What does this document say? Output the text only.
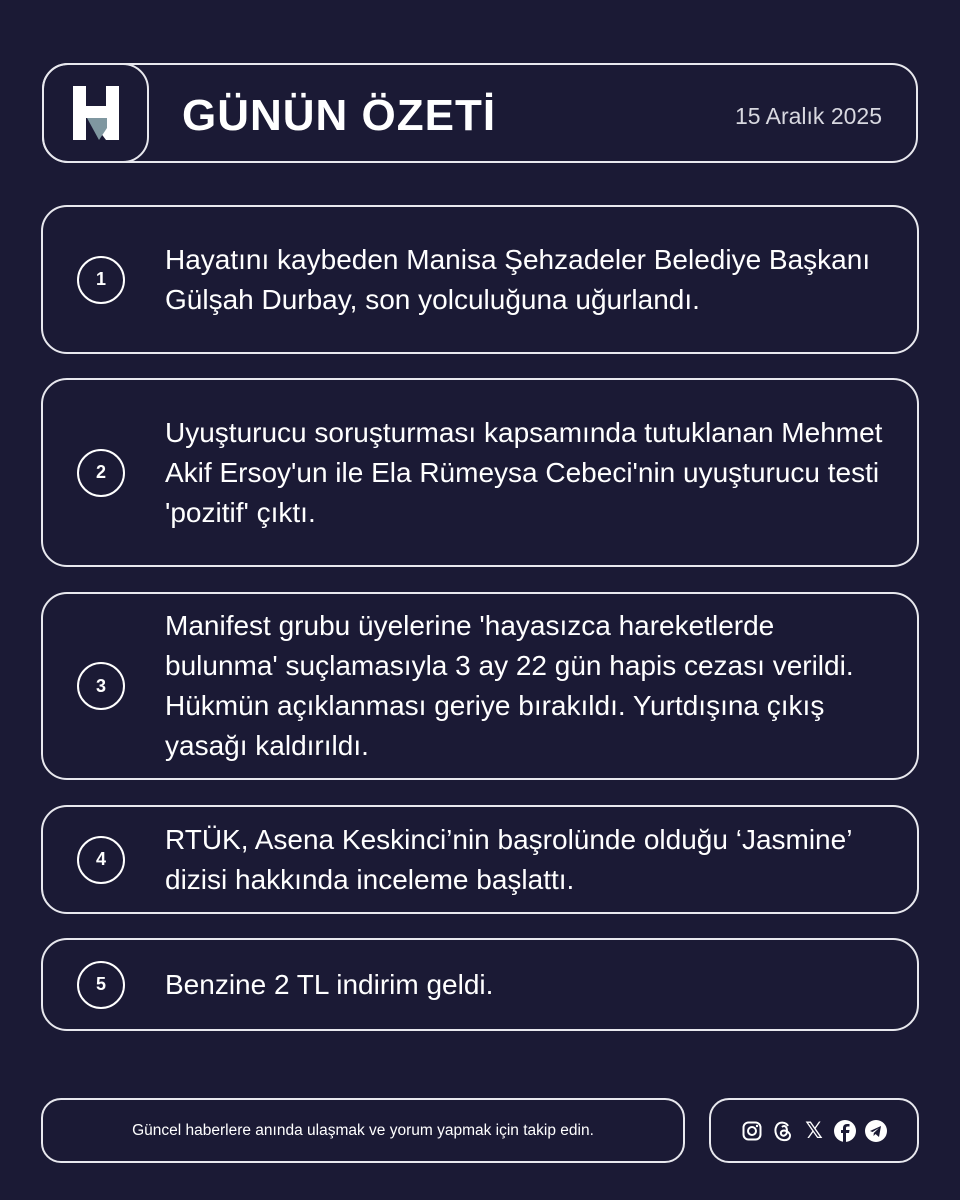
GÜNÜN ÖZETİ	15 Aralık 2025
1
Hayatını kaybeden Manisa Şehzadeler Belediye Başkanı Gülşah Durbay, son yolculuğuna uğurlandı.
2
Uyuşturucu soruşturması kapsamında tutuklanan Mehmet Akif Ersoy'un ile Ela Rümeysa Cebeci'nin uyuşturucu testi 'pozitif' çıktı.
3
Manifest grubu üyelerine 'hayasızca hareketlerde bulunma' suçlamasıyla 3 ay 22 gün hapis cezası verildi. Hükmün açıklanması geriye bırakıldı. Yurtdışına çıkış yasağı kaldırıldı.
4
RTÜK, Asena Keskinci’nin başrolünde olduğu ‘Jasmine’ dizisi hakkında inceleme başlattı.
5	Benzine 2 TL indirim geldi.
Güncel haberlere anında ulaşmak ve yorum yapmak için takip edin.	𝕏
